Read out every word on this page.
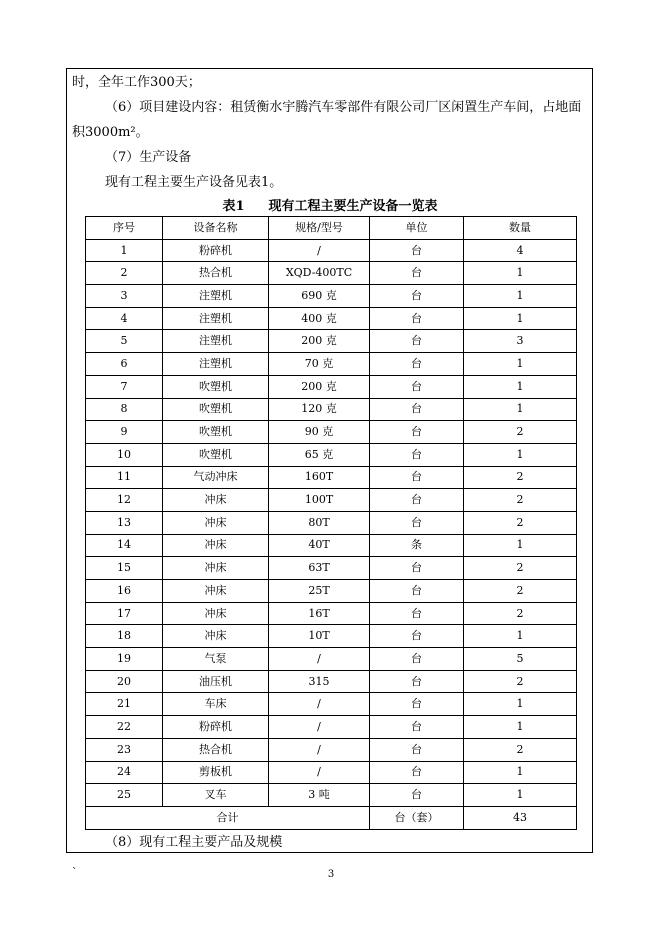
时，全年工作300天；
（6）项目建设内容：租赁衡水宇腾汽车零部件有限公司厂区闲置生产车间，占地面
积3000m²。
（7）生产设备
现有工程主要生产设备见表1。
表1 现有工程主要生产设备一览表
序号	设备名称	规格/型号	单位	数量
1	粉碎机	/	台	4
2	热合机	XQD-400TC	台	1
3	注塑机	690 克	台	1
4	注塑机	400 克	台	1
5	注塑机	200 克	台	3
6	注塑机	70 克	台	1
7	吹塑机	200 克	台	1
8	吹塑机	120 克	台	1
9	吹塑机	90 克	台	2
10	吹塑机	65 克	台	1
11	气动冲床	160T	台	2
12	冲床	100T	台	2
13	冲床	80T	台	2
14	冲床	40T	条	1
15	冲床	63T	台	2
16	冲床	25T	台	2
17	冲床	16T	台	2
18	冲床	10T	台	1
19	气泵	/	台	5
20	油压机	315	台	2
21	车床	/	台	1
22	粉碎机	/	台	1
23	热合机	/	台	2
24	剪板机	/	台	1
25	叉车	3 吨	台	1
合计			台（套）	43
（8）现有工程主要产品及规模
`	3
